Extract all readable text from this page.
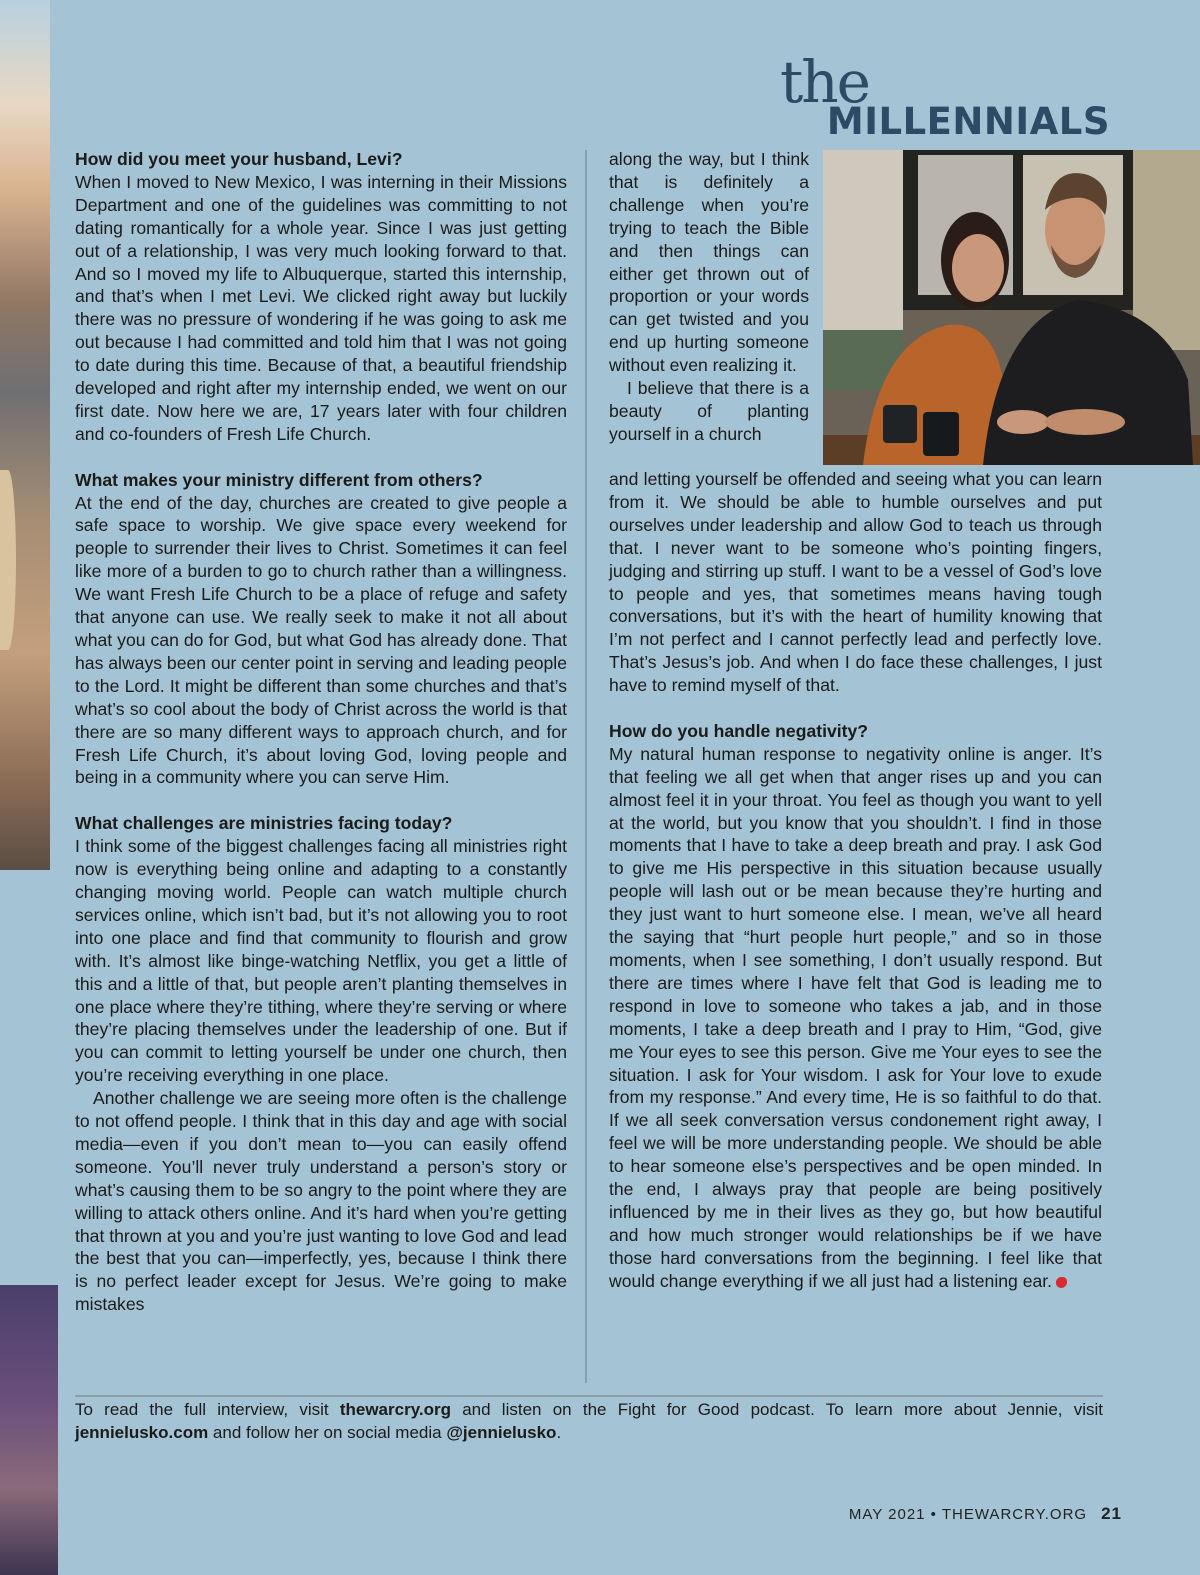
the
MILLENNIALS
How did you meet your husband, Levi?

When I moved to New Mexico, I was interning in their Missions Department and one of the guidelines was committing to not dating romantically for a whole year. Since I was just getting out of a relationship, I was very much looking forward to that. And so I moved my life to Albuquerque, started this internship, and that’s when I met Levi. We clicked right away but luckily there was no pressure of wondering if he was going to ask me out because I had committed and told him that I was not going to date during this time. Because of that, a beautiful friendship developed and right after my internship ended, we went on our first date. Now here we are, 17 years later with four children and co-founders of Fresh Life Church.

What makes your ministry different from others?

At the end of the day, churches are created to give people a safe space to worship. We give space every weekend for people to surrender their lives to Christ. Sometimes it can feel like more of a burden to go to church rather than a willingness. We want Fresh Life Church to be a place of refuge and safety that anyone can use. We really seek to make it not all about what you can do for God, but what God has already done. That has always been our center point in serving and leading people to the Lord. It might be different than some churches and that’s what’s so cool about the body of Christ across the world is that there are so many different ways to approach church, and for Fresh Life Church, it’s about loving God, loving people and being in a community where you can serve Him.

What challenges are ministries facing today?

I think some of the biggest challenges facing all ministries right now is everything being online and adapting to a constantly changing moving world. People can watch multiple church services online, which isn’t bad, but it’s not allowing you to root into one place and find that community to flourish and grow with. It’s almost like binge-watching Netflix, you get a little of this and a little of that, but people aren’t planting themselves in one place where they’re tithing, where they’re serving or where they’re placing themselves under the leadership of one. But if you can commit to letting yourself be under one church, then you’re receiving everything in one place.

Another challenge we are seeing more often is the challenge to not offend people. I think that in this day and age with social media—even if you don’t mean to—you can easily offend someone. You’ll never truly understand a person’s story or what’s causing them to be so angry to the point where they are willing to attack others online. And it’s hard when you’re getting that thrown at you and you’re just wanting to love God and lead the best that you can—imperfectly, yes, because I think there is no perfect leader except for Jesus. We’re going to make mistakes

along the way, but I think that is definitely a challenge when you’re trying to teach the Bible and then things can either get thrown out of proportion or your words can get twisted and you end up hurting someone without even realizing it.

I believe that there is a beauty of planting yourself in a church

and letting yourself be offended and seeing what you can learn from it. We should be able to humble ourselves and put ourselves under leadership and allow God to teach us through that. I never want to be someone who’s pointing fingers, judging and stirring up stuff. I want to be a vessel of God’s love to people and yes, that sometimes means having tough conversations, but it’s with the heart of humility knowing that I’m not perfect and I cannot perfectly lead and perfectly love. That’s Jesus’s job. And when I do face these challenges, I just have to remind myself of that.

How do you handle negativity?

My natural human response to negativity online is anger. It’s that feeling we all get when that anger rises up and you can almost feel it in your throat. You feel as though you want to yell at the world, but you know that you shouldn’t. I find in those moments that I have to take a deep breath and pray. I ask God to give me His perspective in this situation because usually people will lash out or be mean because they’re hurting and they just want to hurt someone else. I mean, we’ve all heard the saying that “hurt people hurt people,” and so in those moments, when I see something, I don’t usually respond. But there are times where I have felt that God is leading me to respond in love to someone who takes a jab, and in those moments, I take a deep breath and I pray to Him, “God, give me Your eyes to see this person. Give me Your eyes to see the situation. I ask for Your wisdom. I ask for Your love to exude from my response.” And every time, He is so faithful to do that. If we all seek conversation versus condonement right away, I feel we will be more understanding people. We should be able to hear someone else’s perspectives and be open minded. In the end, I always pray that people are being positively influenced by me in their lives as they go, but how beautiful and how much stronger would relationships be if we have those hard conversations from the beginning. I feel like that would change everything if we all just had a listening ear.

To read the full interview, visit thewarcry.org and listen on the Fight for Good podcast. To learn more about Jennie, visit jennielusko.com and follow her on social media @jennielusko.
MAY 2021 • THEWARCRY.ORG 21
